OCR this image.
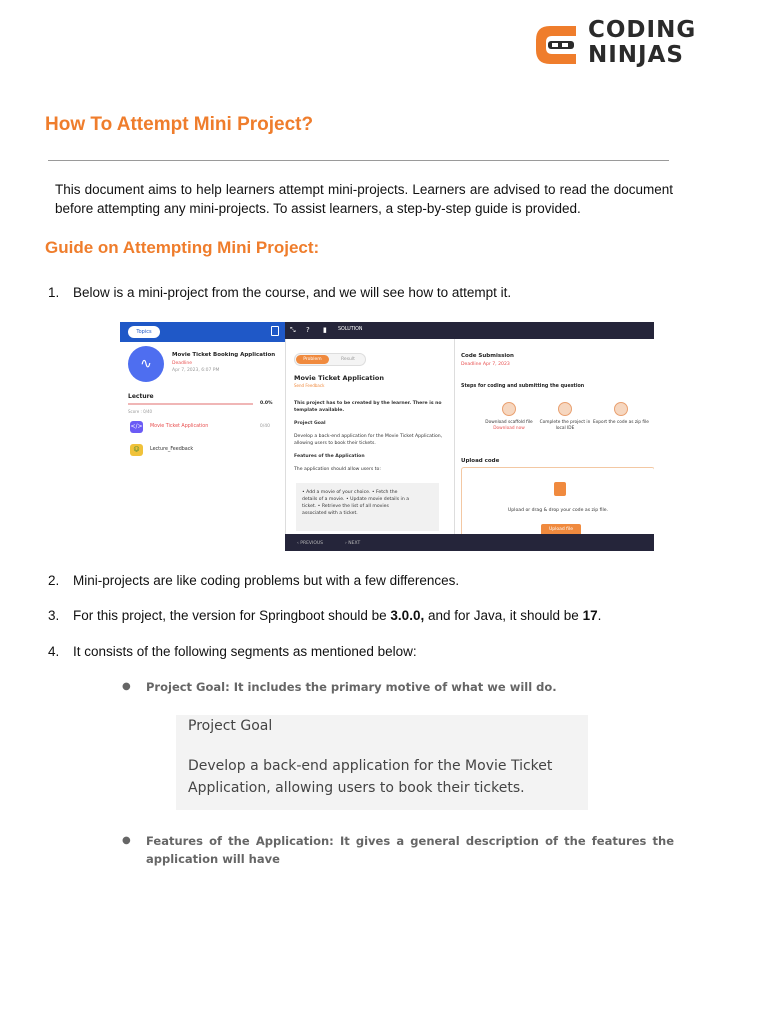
CODING
NINJAS
How To Attempt Mini Project?

This document aims to help learners attempt mini-projects. Learners are advised to read the document before attempting any mini-projects. To assist learners, a step-by-step guide is provided.

Guide on Attempting Mini Project:

1. Below is a mini-project from the course, and we will see how to attempt it.

Topics
∿
Movie Ticket Booking Application
Deadline
Apr 7, 2023, 6:07 PM
Lecture
0.0%
Score : 0/40
</> Movie Ticket Application	0/40
☺	Lecture_Feedback
Problem	Result
Movie Ticket Application
Send Feedback
This project has to be created by the learner. There is no template available.
Project Goal
Develop a back-end application for the Movie Ticket Application, allowing users to book their tickets.
Features of the Application
The application should allow users to:
• Add a movie of your choice. • Fetch the details of a movie. • Update movie details in a ticket. • Retrieve the list of all movies associated with a ticket.
⤡ ? ▮ SOLUTION
Code Submission
Deadline Apr 7, 2023
Steps for coding and submitting the question
Download scaffold file
Download now
Complete the project in local IDE
Export the code as zip file
Upload code
Upload or drag & drop your code as zip file.
Upload file
‹ PREVIOUS	› NEXT

2. Mini-projects are like coding problems but with a few differences.

3. For this project, the version for Springboot should be 3.0.0, and for Java, it should be 17.

4. It consists of the following segments as mentioned below:

● Project Goal: It includes the primary motive of what we will do.
Project Goal
Develop a back-end application for the Movie Ticket Application, allowing users to book their tickets.
● Features of the Application: It gives a general description of the features the application will have
